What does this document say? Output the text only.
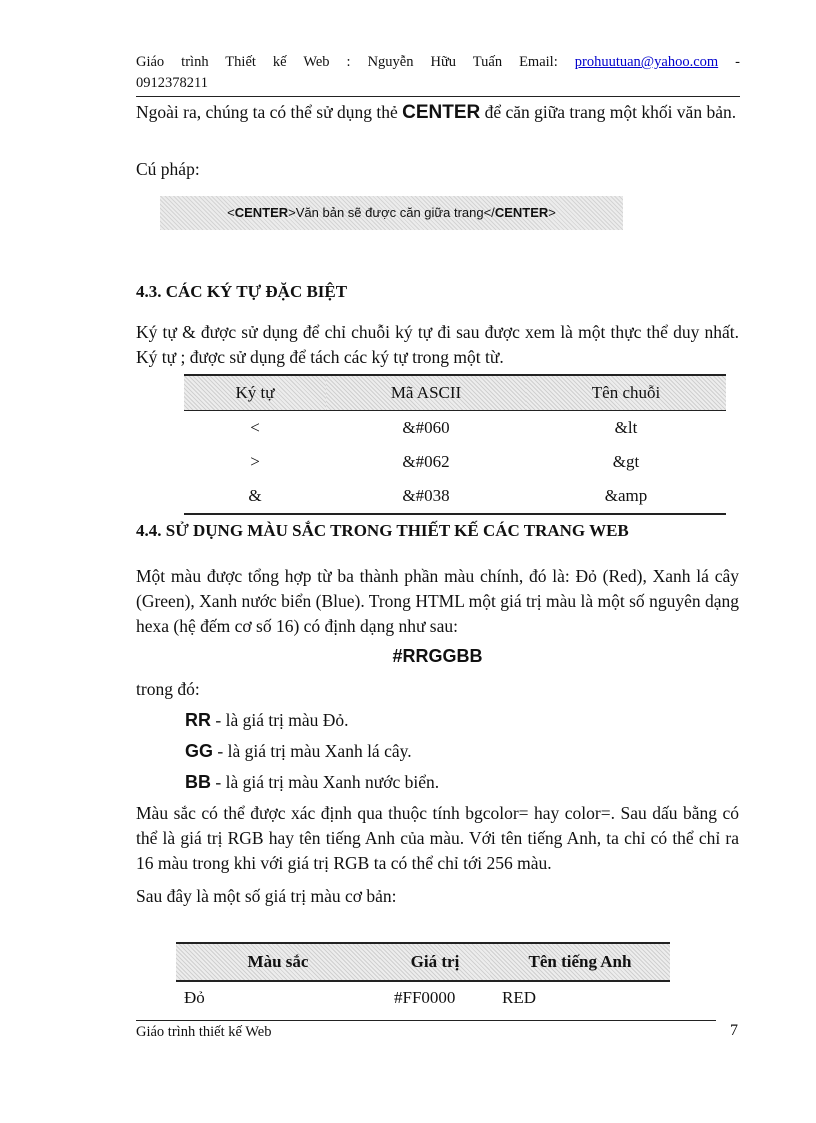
Giáo trình Thiết kế Web : Nguyễn Hữu Tuấn Email: prohuutuan@yahoo.com -
0912378211
Ngoài ra, chúng ta có thể sử dụng thẻ CENTER để căn giữa trang một khối văn bản.
Cú pháp:
<CENTER>Văn bản sẽ được căn giữa trang</CENTER>
4.3. CÁC KÝ TỰ ĐẶC BIỆT
Ký tự & được sử dụng để chỉ chuỗi ký tự đi sau được xem là một thực thể duy nhất. Ký tự ; được sử dụng để tách các ký tự trong một từ.
Ký tự	Mã ASCII	Tên chuỗi
<	&#060	&lt
>	&#062	&gt
&	&#038	&amp
4.4. SỬ DỤNG MÀU SẮC TRONG THIẾT KẾ CÁC TRANG WEB
Một màu được tổng hợp từ ba thành phần màu chính, đó là: Đỏ (Red), Xanh lá cây (Green), Xanh nước biển (Blue). Trong HTML một giá trị màu là một số nguyên dạng hexa (hệ đếm cơ số 16) có định dạng như sau:
#RRGGBB
trong đó:
RR - là giá trị màu Đỏ.
GG - là giá trị màu Xanh lá cây.
BB - là giá trị màu Xanh nước biển.
Màu sắc có thể được xác định qua thuộc tính bgcolor= hay color=. Sau dấu bằng có thể là giá trị RGB hay tên tiếng Anh của màu. Với tên tiếng Anh, ta chỉ có thể chỉ ra 16 màu trong khi với giá trị RGB ta có thể chỉ tới 256 màu.
Sau đây là một số giá trị màu cơ bản:
Màu sắc	Giá trị	Tên tiếng Anh
Đỏ	#FF0000	RED
Giáo trình thiết kế Web	7
